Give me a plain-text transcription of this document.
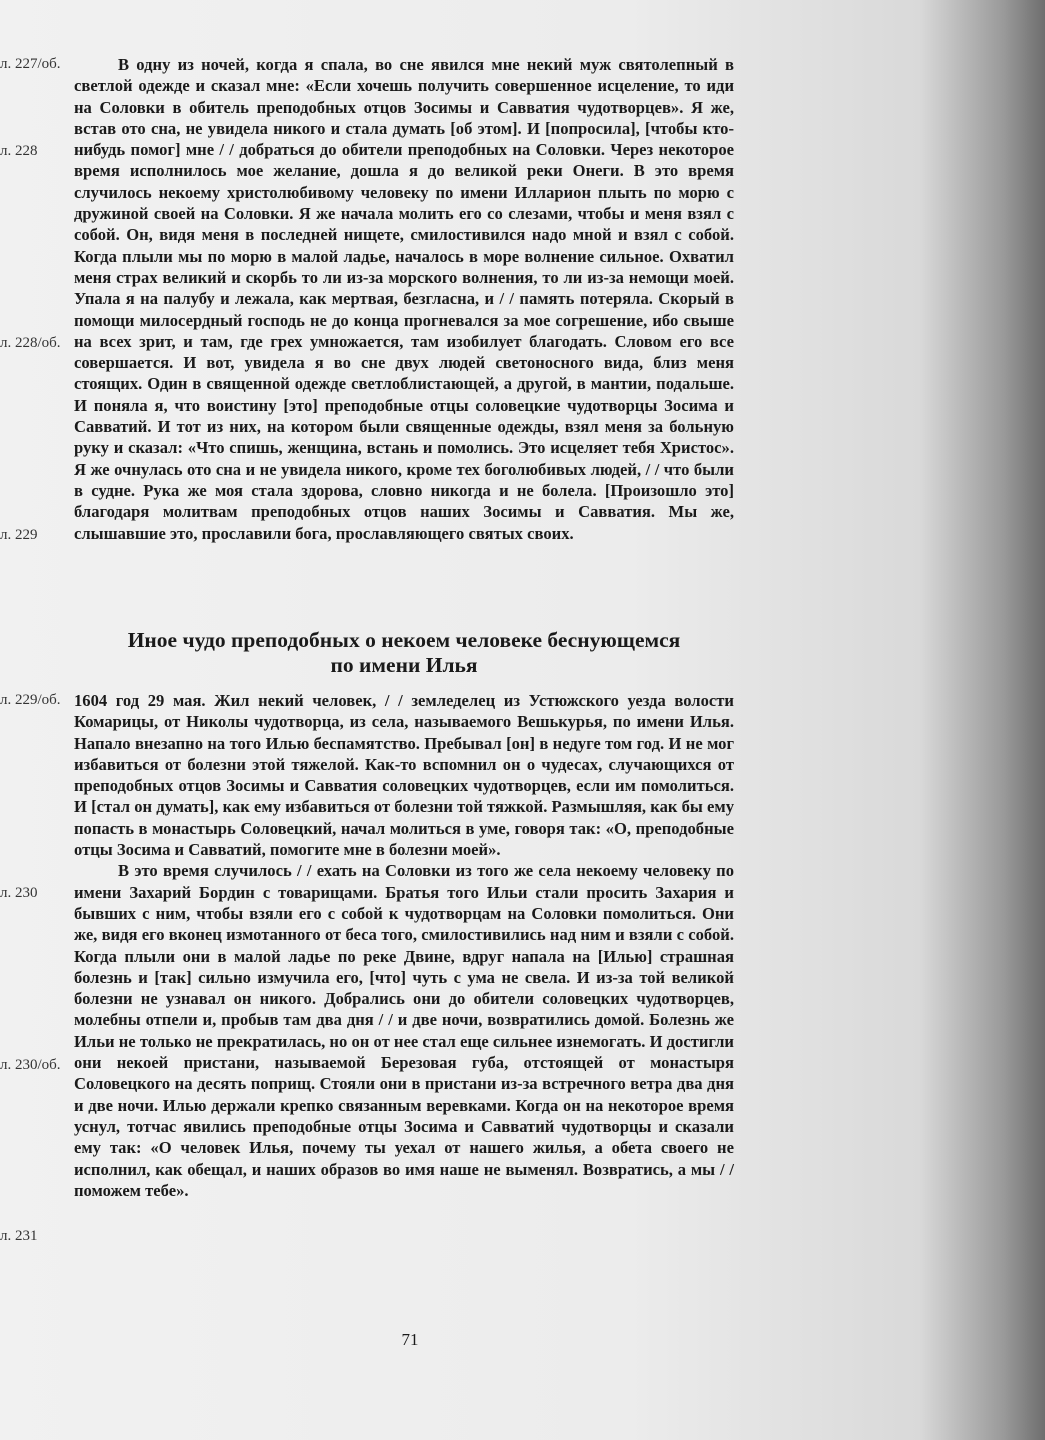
л. 227/об.
л. 228
л. 228/об.
л. 229
л. 229/об.
л. 230
л. 230/об.
л. 231

В одну из ночей, когда я спала, во сне явился мне некий муж святолепный в светлой одежде и сказал мне: «Если хочешь получить совершенное исцеление, то иди на Соловки в обитель преподобных отцов Зосимы и Савватия чудотворцев». Я же, встав ото сна, не увидела никого и стала думать [об этом]. И [попросила], [чтобы кто-нибудь помог] мне / / добраться до обители преподобных на Соловки. Через некоторое время исполнилось мое желание, дошла я до великой реки Онеги. В это время случилось некоему христолюбивому человеку по имени Илларион плыть по морю с дружиной своей на Соловки. Я же начала молить его со слезами, чтобы и меня взял с собой. Он, видя меня в последней нищете, смилостивился надо мной и взял с собой. Когда плыли мы по морю в малой ладье, началось в море волнение сильное. Охватил меня страх великий и скорбь то ли из-за морского волнения, то ли из-за немощи моей. Упала я на палубу и лежала, как мертвая, безгласна, и / / память потеряла. Скорый в помощи милосердный господь не до конца прогневался за мое согрешение, ибо свыше на всех зрит, и там, где грех умножается, там изобилует благодать. Словом его все совершается. И вот, увидела я во сне двух людей светоносного вида, близ меня стоящих. Один в священной одежде светлоблистающей, а другой, в мантии, подальше. И поняла я, что воистину [это] преподобные отцы соловецкие чудотворцы Зосима и Савватий. И тот из них, на котором были священные одежды, взял меня за больную руку и сказал: «Что спишь, женщина, встань и помолись. Это исцеляет тебя Христос». Я же очнулась ото сна и не увидела никого, кроме тех боголюбивых людей, / / что были в судне. Рука же моя стала здорова, словно никогда и не болела. [Произошло это] благодаря молитвам преподобных отцов наших Зосимы и Савватия. Мы же, слышавшие это, прославили бога, прославляющего святых своих.

Иное чудо преподобных о некоем человеке беснующемся
по имени Илья

1604 год 29 мая. Жил некий человек, / / земледелец из Устюжского уезда волости Комарицы, от Николы чудотворца, из села, называемого Вешькурья, по имени Илья. Напало внезапно на того Илью беспамятство. Пребывал [он] в недуге том год. И не мог избавиться от болезни этой тяжелой. Как-то вспомнил он о чудесах, случающихся от преподобных отцов Зосимы и Савватия соловецких чудотворцев, если им помолиться. И [стал он думать], как ему избавиться от болезни той тяжкой. Размышляя, как бы ему попасть в монастырь Соловецкий, начал молиться в уме, говоря так: «О, преподобные отцы Зосима и Савватий, помогите мне в болезни моей».

В это время случилось / / ехать на Соловки из того же села некоему человеку по имени Захарий Бордин с товарищами. Братья того Ильи стали просить Захария и бывших с ним, чтобы взяли его с собой к чудотворцам на Соловки помолиться. Они же, видя его вконец измотанного от беса того, смилостивились над ним и взяли с собой. Когда плыли они в малой ладье по реке Двине, вдруг напала на [Илью] страшная болезнь и [так] сильно измучила его, [что] чуть с ума не свела. И из-за той великой болезни не узнавал он никого. Добрались они до обители соловецких чудотворцев, молебны отпели и, пробыв там два дня / / и две ночи, возвратились домой. Болезнь же Ильи не только не прекратилась, но он от нее стал еще сильнее изнемогать. И достигли они некоей пристани, называемой Березовая губа, отстоящей от монастыря Соловецкого на десять поприщ. Стояли они в пристани из-за встречного ветра два дня и две ночи. Илью держали крепко связанным веревками. Когда он на некоторое время уснул, тотчас явились преподобные отцы Зосима и Савватий чудотворцы и сказали ему так: «О человек Илья, почему ты уехал от нашего жилья, а обета своего не исполнил, как обещал, и наших образов во имя наше не выменял. Возвратись, а мы / / поможем тебе».

71
